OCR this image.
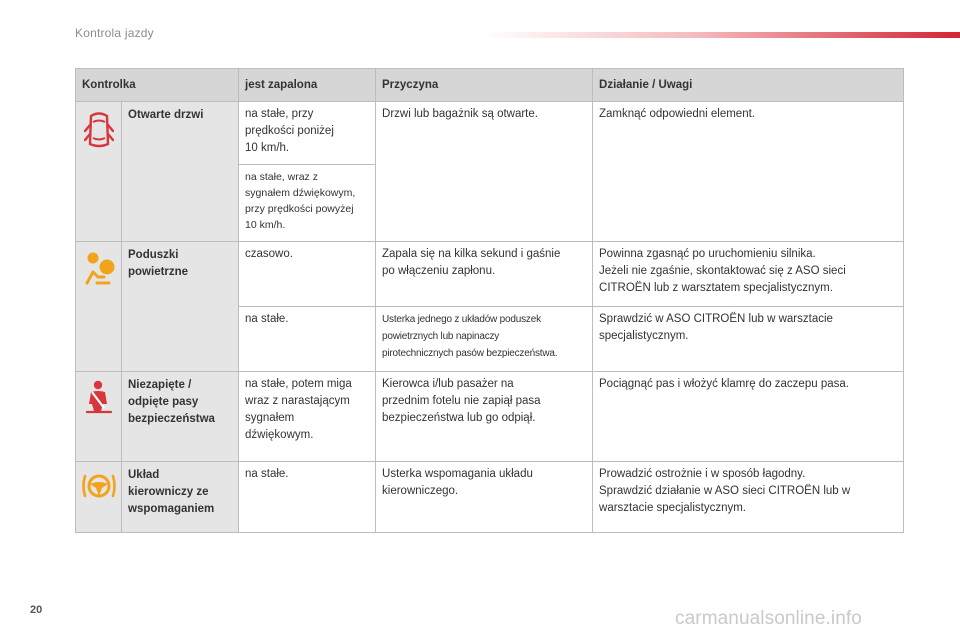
Kontrola jazdy
Kontrolka		jest zapalona	Przyczyna	Działanie / Uwagi

Otwarte drzwi	na stałe, przy
prędkości poniżej
10 km/h.	Drzwi lub bagażnik są otwarte.	Zamknąć odpowiedni element.
		na stałe, wraz z
sygnałem dźwiękowym,
przy prędkości powyżej
10 km/h.		

Poduszki
powietrzne	czasowo.	Zapala się na kilka sekund i gaśnie
po włączeniu zapłonu.	Powinna zgasnąć po uruchomieniu silnika.
Jeżeli nie zgaśnie, skontaktować się z ASO sieci
CITROËN lub z warsztatem specjalistycznym.
		na stałe.	Usterka jednego z układów poduszek
powietrznych lub napinaczy
pirotechnicznych pasów bezpieczeństwa.	Sprawdzić w ASO CITROËN lub w warsztacie
specjalistycznym.

Niezapięte /
odpięte pasy
bezpieczeństwa	na stałe, potem miga
wraz z narastającym
sygnałem
dźwiękowym.	Kierowca i/lub pasażer na
przednim fotelu nie zapiął pasa
bezpieczeństwa lub go odpiął.	Pociągnąć pas i włożyć klamrę do zaczepu pasa.

Układ
kierowniczy ze
wspomaganiem	na stałe.	Usterka wspomagania układu
kierowniczego.	Prowadzić ostrożnie i w sposób łagodny.
Sprawdzić działanie w ASO sieci CITROËN lub w
warsztacie specjalistycznym.
20	carmanualsonline.info
